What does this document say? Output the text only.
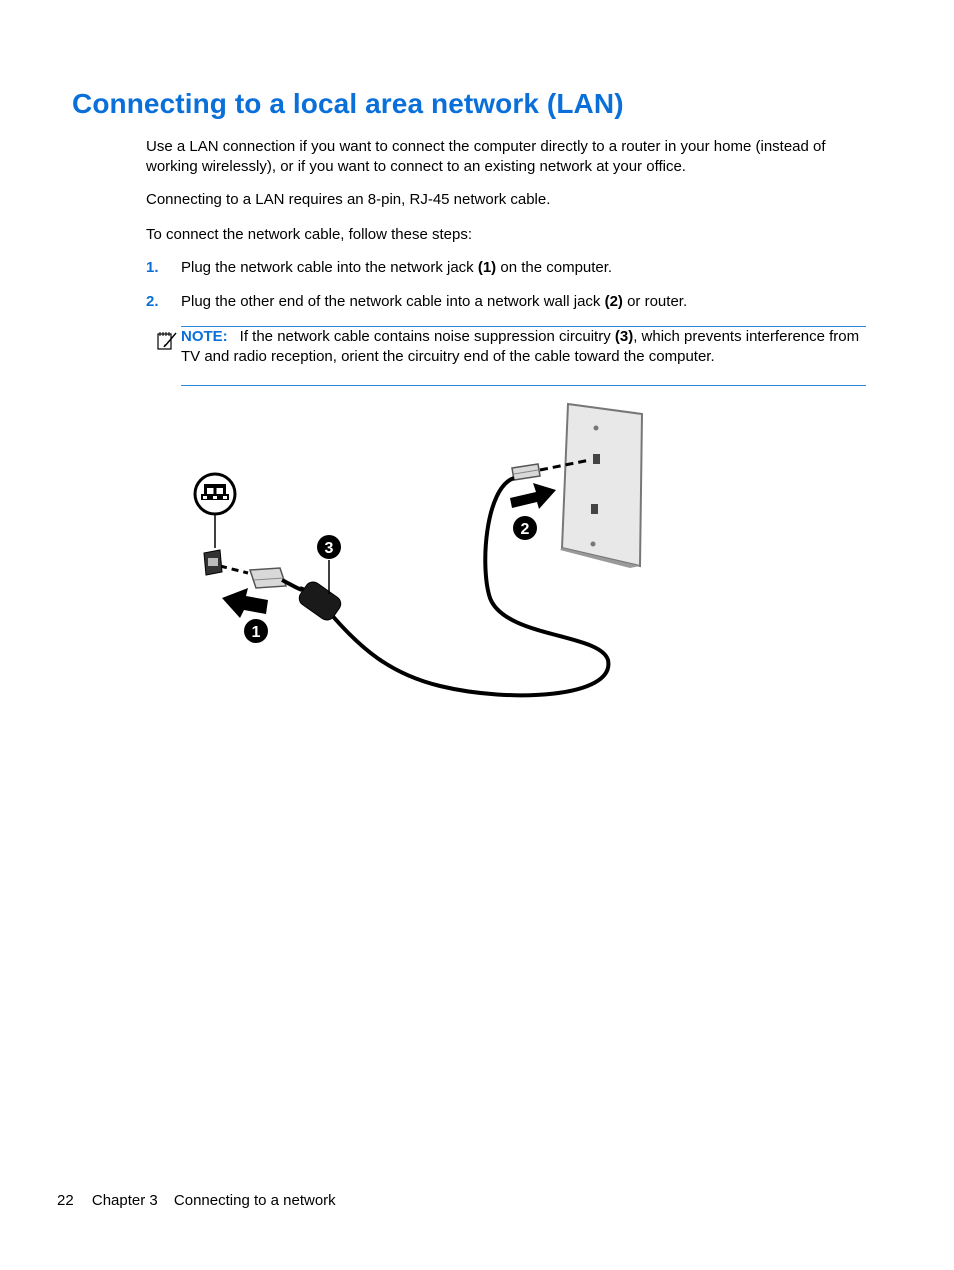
Connecting to a local area network (LAN)

Use a LAN connection if you want to connect the computer directly to a router in your home (instead of working wirelessly), or if you want to connect to an existing network at your office.

Connecting to a LAN requires an 8-pin, RJ-45 network cable.

To connect the network cable, follow these steps:

1. Plug the network cable into the network jack (1) on the computer.
2. Plug the other end of the network cable into a network wall jack (2) or router.
NOTE: If the network cable contains noise suppression circuitry (3), which prevents interference from TV and radio reception, orient the circuitry end of the cable toward the computer.
3
1
2
22 Chapter 3 Connecting to a network
